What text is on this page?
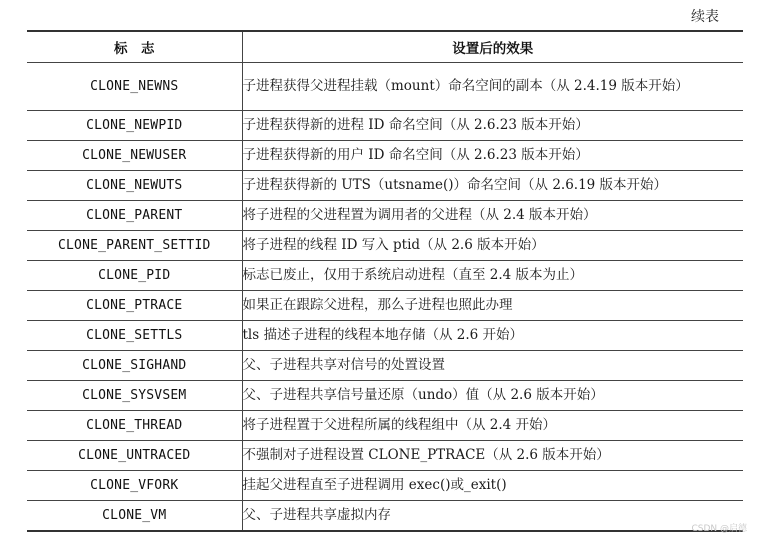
续表
标　志	设置后的效果
CLONE_NEWNS	子进程获得父进程挂载（mount）命名空间的副本（从 2.4.19 版本开始）
CLONE_NEWPID	子进程获得新的进程 ID 命名空间（从 2.6.23 版本开始）
CLONE_NEWUSER	子进程获得新的用户 ID 命名空间（从 2.6.23 版本开始）
CLONE_NEWUTS	子进程获得新的 UTS（utsname()）命名空间（从 2.6.19 版本开始）
CLONE_PARENT	将子进程的父进程置为调用者的父进程（从 2.4 版本开始）
CLONE_PARENT_SETTID	将子进程的线程 ID 写入 ptid（从 2.6 版本开始）
CLONE_PID	标志已废止，仅用于系统启动进程（直至 2.4 版本为止）
CLONE_PTRACE	如果正在跟踪父进程，那么子进程也照此办理
CLONE_SETTLS	tls 描述子进程的线程本地存储（从 2.6 开始）
CLONE_SIGHAND	父、子进程共享对信号的处置设置
CLONE_SYSVSEM	父、子进程共享信号量还原（undo）值（从 2.6 版本开始）
CLONE_THREAD	将子进程置于父进程所属的线程组中（从 2.4 开始）
CLONE_UNTRACED	不强制对子进程设置 CLONE_PTRACE（从 2.6 版本开始）
CLONE_VFORK	挂起父进程直至子进程调用 exec()或_exit()
CLONE_VM	父、子进程共享虚拟内存
CSDN @启德
